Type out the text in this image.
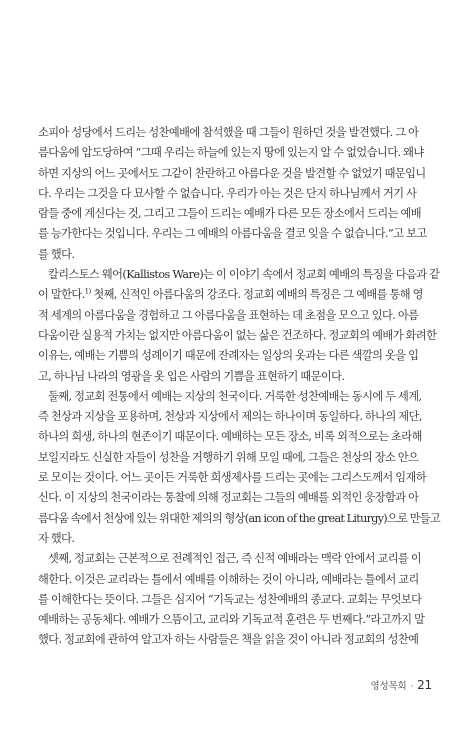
소피아 성당에서 드리는 성찬예배에 참석했을 때 그들이 원하던 것을 발견했다. 그 아
름다움에 압도당하여 “그때 우리는 하늘에 있는지 땅에 있는지 알 수 없었습니다. 왜냐
하면 지상의 어느 곳에서도 그같이 찬란하고 아름다운 것을 발견할 수 없었기 때문입니
다. 우리는 그것을 다 묘사할 수 없습니다. 우리가 아는 것은 단지 하나님께서 거기 사
람들 중에 계신다는 것, 그리고 그들이 드리는 예배가 다른 모든 장소에서 드리는 예배
를 능가한다는 것입니다. 우리는 그 예배의 아름다움을 결코 잊을 수 없습니다.”고 보고
를 했다.
칼리스토스 웨어(Kallistos Ware)는 이 이야기 속에서 정교회 예배의 특징을 다음과 같
이 말한다.$^{1)}$ 첫째, 신적인 아름다움의 강조다. 정교회 예배의 특징은 그 예배를 통해 영
적 세계의 아름다움을 경험하고 그 아름다움을 표현하는 데 초점을 모으고 있다. 아름
다움이란 실용적 가치는 없지만 아름다움이 없는 삶은 건조하다. 정교회의 예배가 화려한
이유는, 예배는 기쁨의 성례이기 때문에 잔례자는 일상의 옷과는 다른 색깔의 옷을 입
고, 하나님 나라의 영광을 옷 입은 사람의 기쁨을 표현하기 때문이다.
둘째, 정교회 전통에서 예배는 지상의 천국이다. 거룩한 성찬예배는 동시에 두 세계,
즉 천상과 지상을 포용하며, 천상과 지상에서 제의는 하나이며 동일하다. 하나의 제단,
하나의 희생, 하나의 현존이기 때문이다. 예배하는 모든 장소, 비록 외적으로는 초라해
보일지라도 신실한 자들이 성찬을 거행하기 위해 모일 때에, 그들은 천상의 장소 안으
로 모이는 것이다. 어느 곳이든 거룩한 희생제사를 드리는 곳에는 그리스도께서 임재하
신다. 이 지상의 천국이라는 통찰에 의해 정교회는 그들의 예배를 외적인 웅장함과 아
름다움 속에서 천상에 있는 위대한 제의의 형상(an icon of the great Liturgy)으로 만들고
자 했다.
셋째, 정교회는 근본적으로 전례적인 접근, 즉 신적 예배라는 맥락 안에서 교리를 이
해한다. 이것은 교리라는 틀에서 예배를 이해하는 것이 아니라, 예배라는 틀에서 교리
를 이해한다는 뜻이다. 그들은 심지어 “기독교는 성찬예배의 종교다. 교회는 무엇보다
예배하는 공동체다. 예배가 으뜸이고, 교리와 기독교적 훈련은 두 번째다.”라고까지 말
했다. 정교회에 관하여 알고자 하는 사람들은 책을 읽을 것이 아니라 정교회의 성찬예
영성목회 · 21
